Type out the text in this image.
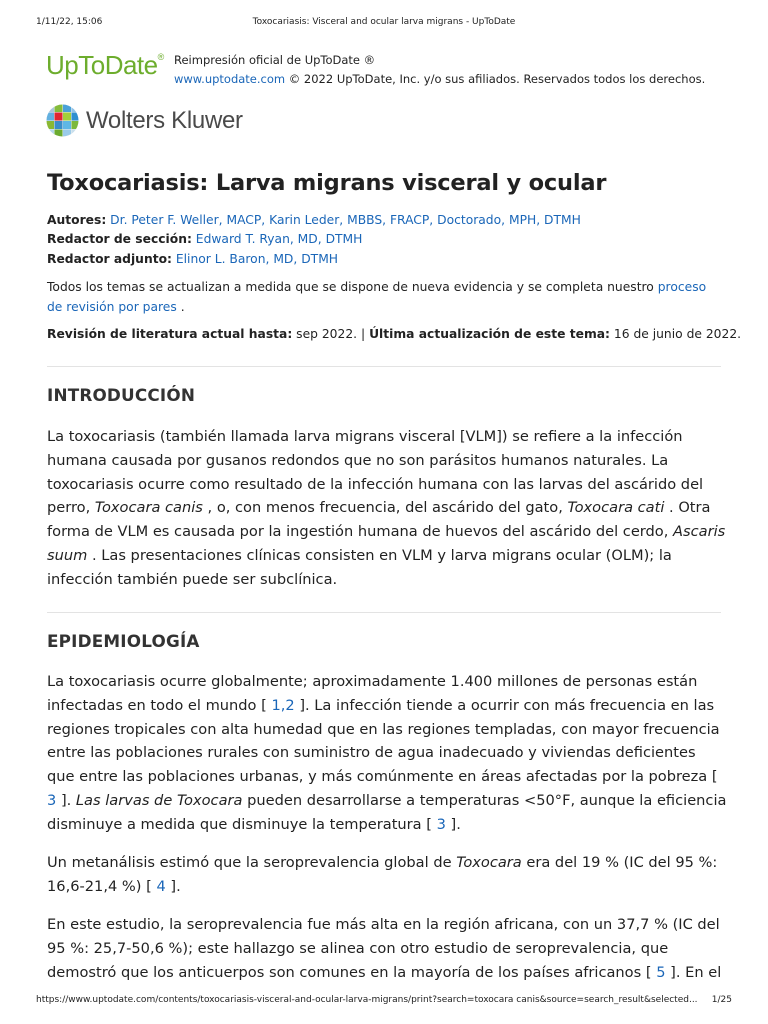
1/11/22, 15:06	Toxocariasis: Visceral and ocular larva migrans - UpToDate
UpToDate® Reimpresión oficial de UpToDate ®
www.uptodate.com © 2022 UpToDate, Inc. y/o sus afiliados. Reservados todos los derechos.
Wolters Kluwer
Toxocariasis: Larva migrans visceral y ocular
Autores: Dr. Peter F. Weller, MACP, Karin Leder, MBBS, FRACP, Doctorado, MPH, DTMH
Redactor de sección: Edward T. Ryan, MD, DTMH
Redactor adjunto: Elinor L. Baron, MD, DTMH
Todos los temas se actualizan a medida que se dispone de nueva evidencia y se completa nuestro proceso de revisión por pares .
Revisión de literatura actual hasta: sep 2022. | Última actualización de este tema: 16 de junio de 2022.
INTRODUCCIÓN
La toxocariasis (también llamada larva migrans visceral [VLM]) se refiere a la infección humana causada por gusanos redondos que no son parásitos humanos naturales. La toxocariasis ocurre como resultado de la infección humana con las larvas del ascárido del perro, Toxocara canis , o, con menos frecuencia, del ascárido del gato, Toxocara cati . Otra forma de VLM es causada por la ingestión humana de huevos del ascárido del cerdo, Ascaris suum . Las presentaciones clínicas consisten en VLM y larva migrans ocular (OLM); la infección también puede ser subclínica.
EPIDEMIOLOGÍA
La toxocariasis ocurre globalmente; aproximadamente 1.400 millones de personas están infectadas en todo el mundo [ 1,2 ]. La infección tiende a ocurrir con más frecuencia en las regiones tropicales con alta humedad que en las regiones templadas, con mayor frecuencia entre las poblaciones rurales con suministro de agua inadecuado y viviendas deficientes que entre las poblaciones urbanas, y más comúnmente en áreas afectadas por la pobreza [ 3 ]. Las larvas de Toxocara pueden desarrollarse a temperaturas <50°F, aunque la eficiencia disminuye a medida que disminuye la temperatura [ 3 ].
Un metanálisis estimó que la seroprevalencia global de Toxocara era del 19 % (IC del 95 %: 16,6-21,4 %) [ 4 ].
En este estudio, la seroprevalencia fue más alta en la región africana, con un 37,7 % (IC del 95 %: 25,7-50,6 %); este hallazgo se alinea con otro estudio de seroprevalencia, que demostró que los anticuerpos son comunes en la mayoría de los países africanos [ 5 ]. En el
https://www.uptodate.com/contents/toxocariasis-visceral-and-ocular-larva-migrans/print?search=toxocara canis&source=search_result&selected... 1/25
